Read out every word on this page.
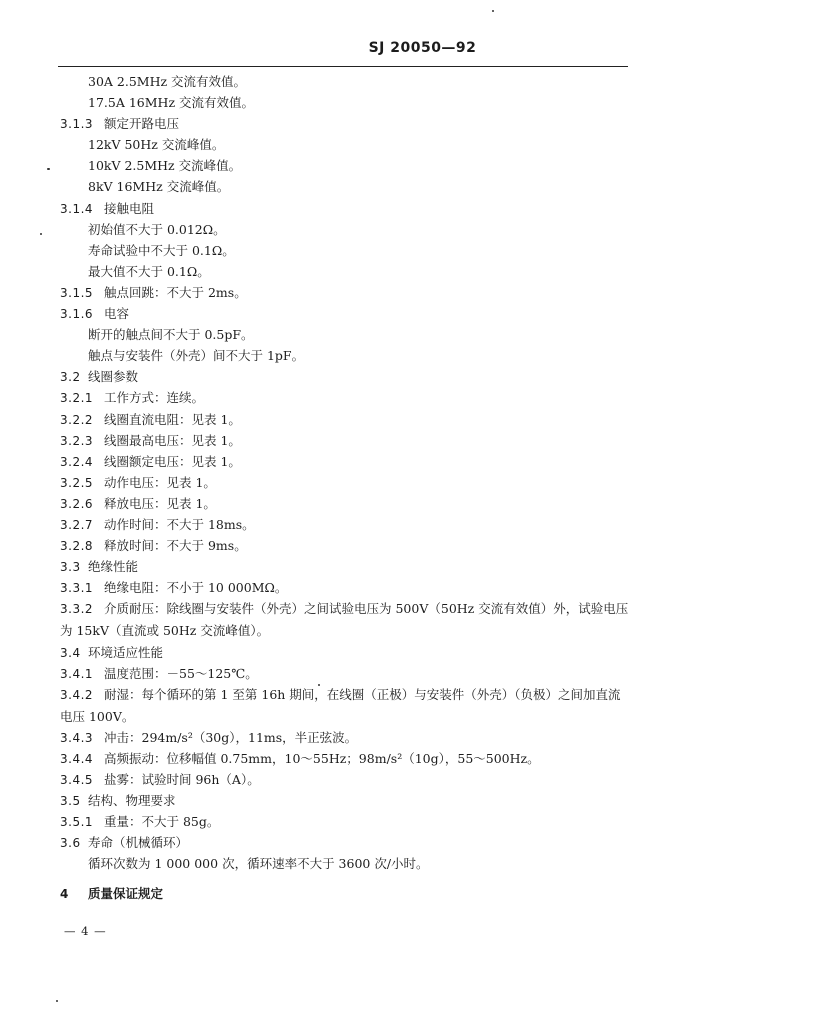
SJ 20050—92
30A 2.5MHz 交流有效值。
17.5A 16MHz 交流有效值。
3.1.3 额定开路电压
12kV 50Hz 交流峰值。
10kV 2.5MHz 交流峰值。
8kV 16MHz 交流峰值。
3.1.4 接触电阻
初始值不大于 0.012Ω。
寿命试验中不大于 0.1Ω。
最大值不大于 0.1Ω。
3.1.5 触点回跳：不大于 2ms。
3.1.6 电容
断开的触点间不大于 0.5pF。
触点与安装件（外壳）间不大于 1pF。
3.2 线圈参数
3.2.1 工作方式：连续。
3.2.2 线圈直流电阻：见表 1。
3.2.3 线圈最高电压：见表 1。
3.2.4 线圈额定电压：见表 1。
3.2.5 动作电压：见表 1。
3.2.6 释放电压：见表 1。
3.2.7 动作时间：不大于 18ms。
3.2.8 释放时间：不大于 9ms。
3.3 绝缘性能
3.3.1 绝缘电阻：不小于 10 000MΩ。
3.3.2 介质耐压：除线圈与安装件（外壳）之间试验电压为 500V（50Hz 交流有效值）外，试验电压为 15kV（直流或 50Hz 交流峰值）。
3.4 环境适应性能
3.4.1 温度范围：－55～125℃。
3.4.2 耐湿：每个循环的第 1 至第 16h 期间，在线圈（正极）与安装件（外壳）（负极）之间加直流电压 100V。
3.4.3 冲击：294m/s²（30g），11ms，半正弦波。
3.4.4 高频振动：位移幅值 0.75mm，10～55Hz；98m/s²（10g），55～500Hz。
3.4.5 盐雾：试验时间 96h（A）。
3.5 结构、物理要求
3.5.1 重量：不大于 85g。
3.6 寿命（机械循环）
循环次数为 1 000 000 次，循环速率不大于 3600 次/小时。
4 质量保证规定
— 4 —
